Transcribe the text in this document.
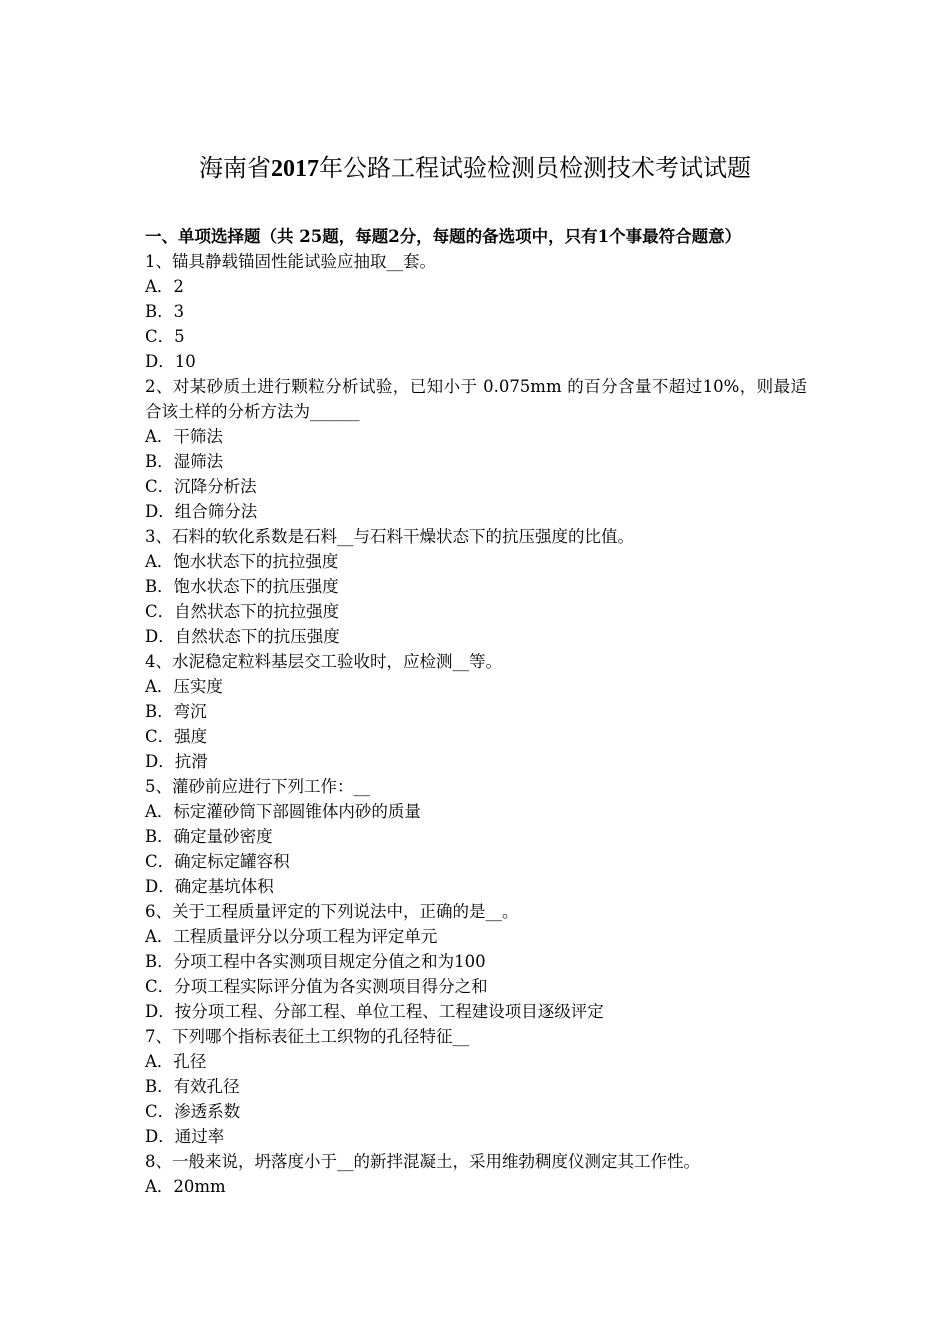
海南省2017年公路工程试验检测员检测技术考试试题

一、单项选择题（共 25题，每题2分，每题的备选项中，只有1个事最符合题意）

1、锚具静载锚固性能试验应抽取__套。

A．2

B．3

C．5

D．10

2、对某砂质土进行颗粒分析试验，已知小于 0.075mm 的百分含量不超过10%，则最适合该土样的分析方法为______

A．干筛法

B．湿筛法

C．沉降分析法

D．组合筛分法

3、石料的软化系数是石料__与石料干燥状态下的抗压强度的比值。

A．饱水状态下的抗拉强度

B．饱水状态下的抗压强度

C．自然状态下的抗拉强度

D．自然状态下的抗压强度

4、水泥稳定粒料基层交工验收时，应检测__等。

A．压实度

B．弯沉

C．强度

D．抗滑

5、灌砂前应进行下列工作：__

A．标定灌砂筒下部圆锥体内砂的质量

B．确定量砂密度

C．确定标定罐容积

D．确定基坑体积

6、关于工程质量评定的下列说法中，正确的是__。

A．工程质量评分以分项工程为评定单元

B．分项工程中各实测项目规定分值之和为100

C．分项工程实际评分值为各实测项目得分之和

D．按分项工程、分部工程、单位工程、工程建设项目逐级评定

7、下列哪个指标表征土工织物的孔径特征__

A．孔径

B．有效孔径

C．渗透系数

D．通过率

8、一般来说，坍落度小于__的新拌混凝土，采用维勃稠度仪测定其工作性。

A．20mm
